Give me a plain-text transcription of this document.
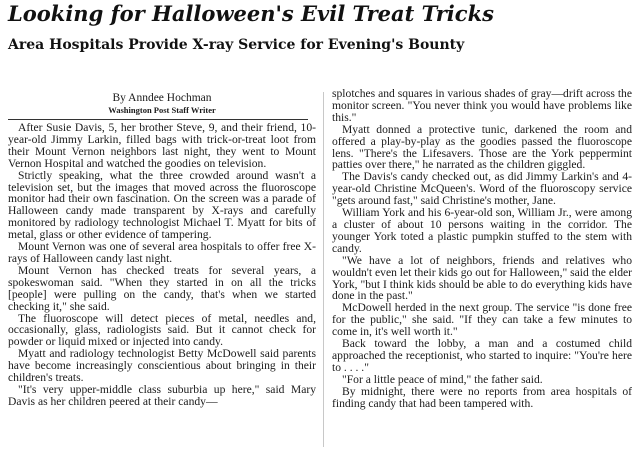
Looking for Halloween's Evil Treat Tricks
Area Hospitals Provide X-ray Service for Evening's Bounty
By Anndee Hochman
Washington Post Staff Writer

After Susie Davis, 5, her brother Steve, 9, and their friend, 10-year-old Jimmy Larkin, filled bags with trick-or-treat loot from their Mount Vernon neighbors last night, they went to Mount Vernon Hospital and watched the goodies on television.

Strictly speaking, what the three crowded around wasn't a television set, but the images that moved across the fluoroscope monitor had their own fascination. On the screen was a parade of Halloween candy made transparent by X-rays and carefully monitored by radiology technologist Michael T. Myatt for bits of metal, glass or other evidence of tampering.

Mount Vernon was one of several area hospitals to offer free X-rays of Halloween candy last night.

Mount Vernon has checked treats for several years, a spokeswoman said. "When they started in on all the tricks [people] were pulling on the candy, that's when we started checking it," she said.

The fluoroscope will detect pieces of metal, needles and, occasionally, glass, radiologists said. But it cannot check for powder or liquid mixed or injected into candy.

Myatt and radiology technologist Betty McDowell said parents have become increasingly conscientious about bringing in their children's treats.

"It's very upper-middle class suburbia up here," said Mary Davis as her children peered at their candy—

splotches and squares in various shades of gray—drift across the monitor screen. "You never think you would have problems like this."

Myatt donned a protective tunic, darkened the room and offered a play-by-play as the goodies passed the fluoroscope lens. "There's the Lifesavers. Those are the York peppermint patties over there," he narrated as the children giggled.

The Davis's candy checked out, as did Jimmy Larkin's and 4-year-old Christine McQueen's. Word of the fluoroscopy service "gets around fast," said Christine's mother, Jane.

William York and his 6-year-old son, William Jr., were among a cluster of about 10 persons waiting in the corridor. The younger York toted a plastic pumpkin stuffed to the stem with candy.

"We have a lot of neighbors, friends and relatives who wouldn't even let their kids go out for Halloween," said the elder York, "but I think kids should be able to do everything kids have done in the past."

McDowell herded in the next group. The service "is done free for the public," she said. "If they can take a few minutes to come in, it's well worth it."

Back toward the lobby, a man and a costumed child approached the receptionist, who started to inquire: "You're here to . . . ."

"For a little peace of mind," the father said.

By midnight, there were no reports from area hospitals of finding candy that had been tampered with.
